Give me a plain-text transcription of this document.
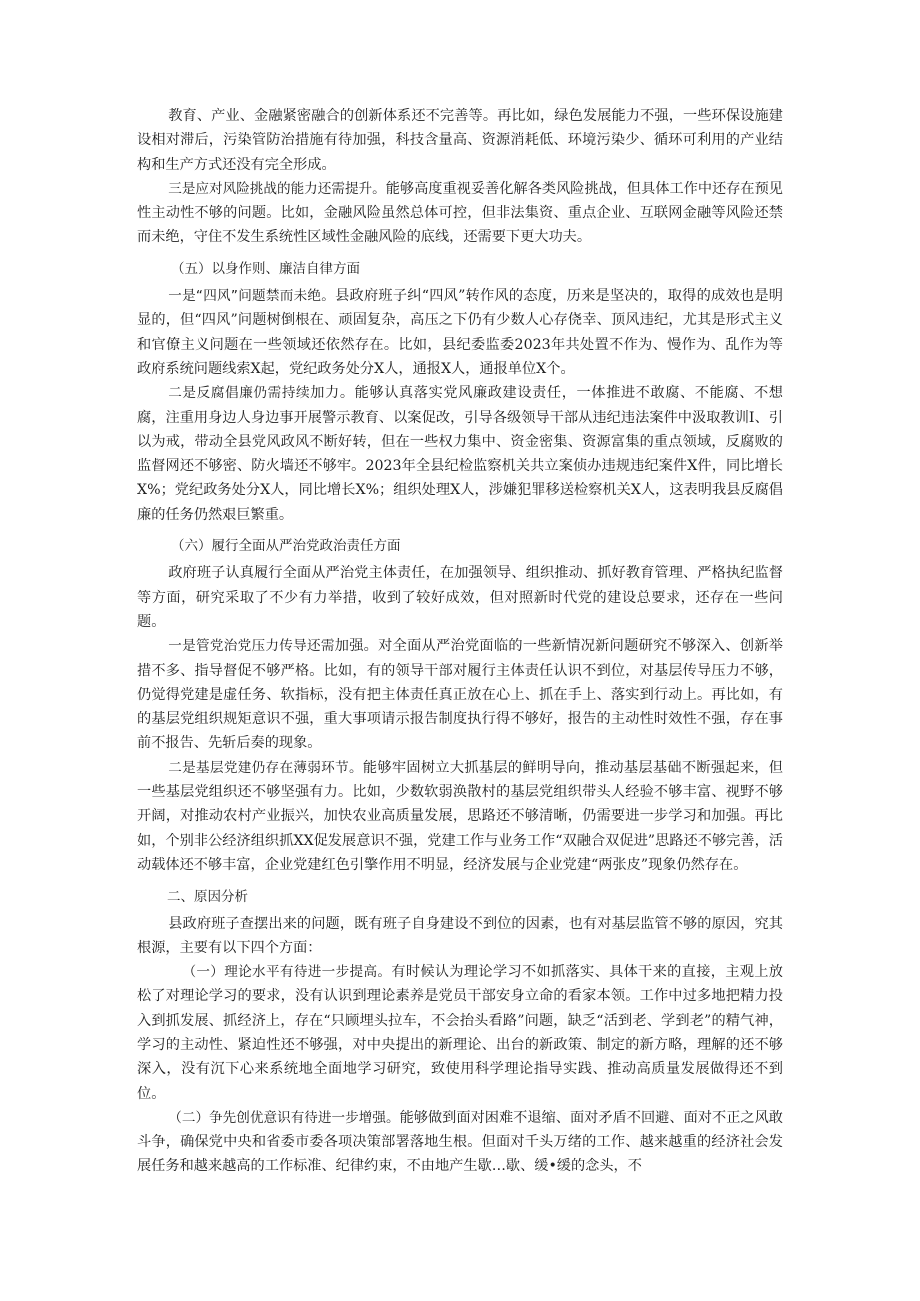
教育、产业、金融紧密融合的创新体系还不完善等。再比如，绿色发展能力不强，一些环保设施建设相对滞后，污染管防治措施有待加强，科技含量高、资源消耗低、环境污染少、循环可利用的产业结构和生产方式还没有完全形成。

三是应对风险挑战的能力还需提升。能够高度重视妥善化解各类风险挑战，但具体工作中还存在预见性主动性不够的问题。比如，金融风险虽然总体可控，但非法集资、重点企业、互联网金融等风险还禁而未绝，守住不发生系统性区域性金融风险的底线，还需要下更大功夫。

（五）以身作则、廉洁自律方面

一是“四风”问题禁而未绝。县政府班子纠“四风”转作风的态度，历来是坚决的，取得的成效也是明显的，但“四风”问题树倒根在、顽固复杂，高压之下仍有少数人心存侥幸、顶风违纪，尤其是形式主义和官僚主义问题在一些领域还依然存在。比如，县纪委监委2023年共处置不作为、慢作为、乱作为等政府系统问题线索X起，党纪政务处分X人，通报X人，通报单位X个。

二是反腐倡廉仍需持续加力。能够认真落实党风廉政建设责任，一体推进不敢腐、不能腐、不想腐，注重用身边人身边事开展警示教育、以案促改，引导各级领导干部从违纪违法案件中汲取教训I、引以为戒，带动全县党风政风不断好转，但在一些权力集中、资金密集、资源富集的重点领域，反腐败的监督网还不够密、防火墙还不够牢。2023年全县纪检监察机关共立案侦办违规违纪案件X件，同比增长X%；党纪政务处分X人，同比增长X%；组织处理X人，涉嫌犯罪移送检察机关X人，这表明我县反腐倡廉的任务仍然艰巨繁重。

（六）履行全面从严治党政治责任方面

政府班子认真履行全面从严治党主体责任，在加强领导、组织推动、抓好教育管理、严格执纪监督等方面，研究采取了不少有力举措，收到了较好成效，但对照新时代党的建设总要求，还存在一些问题。

一是管党治党压力传导还需加强。对全面从严治党面临的一些新情况新问题研究不够深入、创新举措不多、指导督促不够严格。比如，有的领导干部对履行主体责任认识不到位，对基层传导压力不够，仍觉得党建是虚任务、软指标，没有把主体责任真正放在心上、抓在手上、落实到行动上。再比如，有的基层党组织规矩意识不强，重大事项请示报告制度执行得不够好，报告的主动性时效性不强，存在事前不报告、先斩后奏的现象。

二是基层党建仍存在薄弱环节。能够牢固树立大抓基层的鲜明导向，推动基层基础不断强起来，但一些基层党组织还不够坚强有力。比如，少数软弱涣散村的基层党组织带头人经验不够丰富、视野不够开阔，对推动农村产业振兴，加快农业高质量发展，思路还不够清晰，仍需要进一步学习和加强。再比如，个别非公经济组织抓XX促发展意识不强，党建工作与业务工作“双融合双促进”思路还不够完善，活动载体还不够丰富，企业党建红色引擎作用不明显，经济发展与企业党建“两张皮”现象仍然存在。

二、原因分析

县政府班子查摆出来的问题，既有班子自身建设不到位的因素，也有对基层监管不够的原因，究其根源，主要有以下四个方面：

（一）理论水平有待进一步提高。有时候认为理论学习不如抓落实、具体干来的直接，主观上放松了对理论学习的要求，没有认识到理论素养是党员干部安身立命的看家本领。工作中过多地把精力投入到抓发展、抓经济上，存在“只顾埋头拉车，不会抬头看路”问题，缺乏“活到老、学到老”的精气神，学习的主动性、紧迫性还不够强，对中央提出的新理论、出台的新政策、制定的新方略，理解的还不够深入，没有沉下心来系统地全面地学习研究，致使用科学理论指导实践、推动高质量发展做得还不到位。

（二）争先创优意识有待进一步增强。能够做到面对困难不退缩、面对矛盾不回避、面对不正之风敢斗争，确保党中央和省委市委各项决策部署落地生根。但面对千头万绪的工作、越来越重的经济社会发展任务和越来越高的工作标准、纪律约束，不由地产生歇…歇、缓•缓的念头，不
